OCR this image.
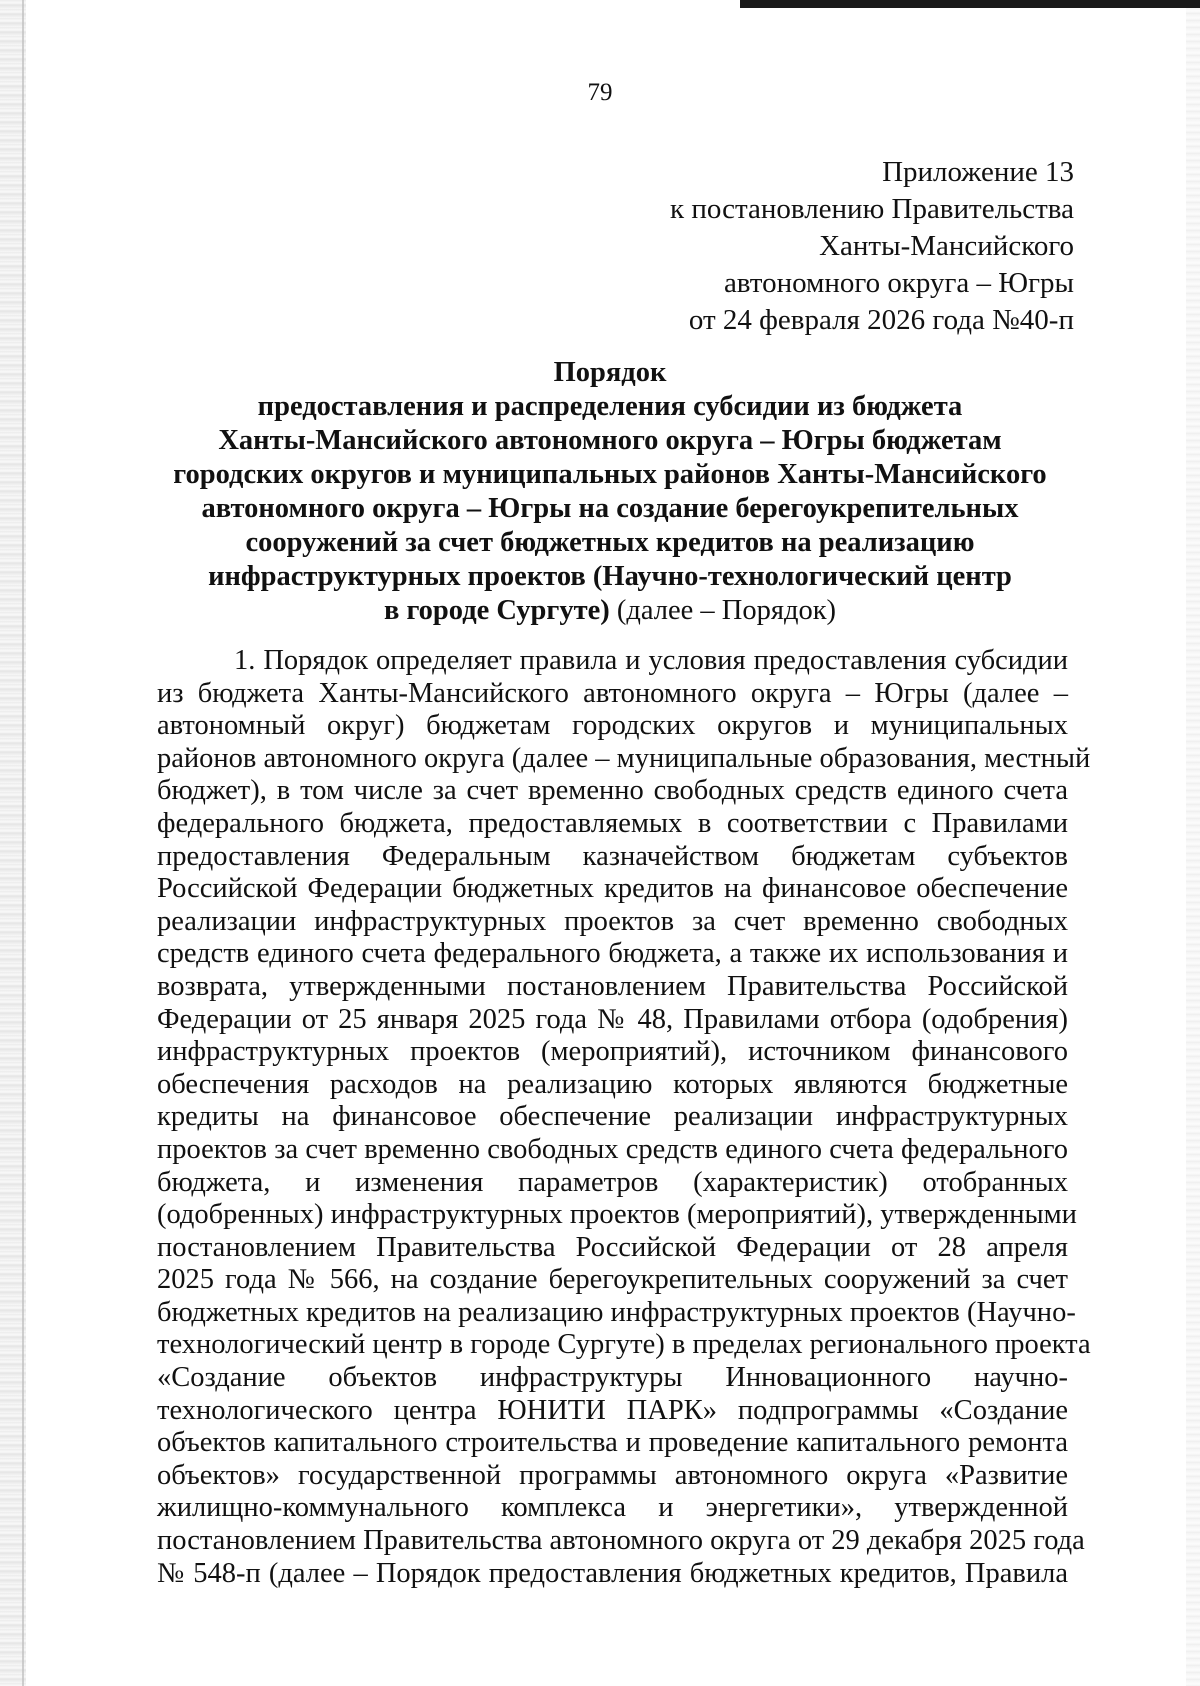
79
Приложение 13
к постановлению Правительства
Ханты-Мансийского
автономного округа – Югры
от 24 февраля 2026 года №40-п
Порядок
предоставления и распределения субсидии из бюджета
Ханты-Мансийского автономного округа – Югры бюджетам
городских округов и муниципальных районов Ханты-Мансийского
автономного округа – Югры на создание берегоукрепительных
сооружений за счет бюджетных кредитов на реализацию
инфраструктурных проектов (Научно-технологический центр
в городе Сургуте) (далее – Порядок)
1. Порядок определяет правила и условия предоставления субсидии
из бюджета Ханты-Мансийского автономного округа – Югры (далее –
автономный округ) бюджетам городских округов и муниципальных
районов автономного округа (далее – муниципальные образования, местный
бюджет), в том числе за счет временно свободных средств единого счета
федерального бюджета, предоставляемых в соответствии с Правилами
предоставления Федеральным казначейством бюджетам субъектов
Российской Федерации бюджетных кредитов на финансовое обеспечение
реализации инфраструктурных проектов за счет временно свободных
средств единого счета федерального бюджета, а также их использования и
возврата, утвержденными постановлением Правительства Российской
Федерации от 25 января 2025 года № 48, Правилами отбора (одобрения)
инфраструктурных проектов (мероприятий), источником финансового
обеспечения расходов на реализацию которых являются бюджетные
кредиты на финансовое обеспечение реализации инфраструктурных
проектов за счет временно свободных средств единого счета федерального
бюджета, и изменения параметров (характеристик) отобранных
(одобренных) инфраструктурных проектов (мероприятий), утвержденными
постановлением Правительства Российской Федерации от 28 апреля
2025 года № 566, на создание берегоукрепительных сооружений за счет
бюджетных кредитов на реализацию инфраструктурных проектов (Научно-
технологический центр в городе Сургуте) в пределах регионального проекта
«Создание объектов инфраструктуры Инновационного научно-
технологического центра ЮНИТИ ПАРК» подпрограммы «Создание
объектов капитального строительства и проведение капитального ремонта
объектов» государственной программы автономного округа «Развитие
жилищно-коммунального комплекса и энергетики», утвержденной
постановлением Правительства автономного округа от 29 декабря 2025 года
№ 548-п (далее – Порядок предоставления бюджетных кредитов, Правила
